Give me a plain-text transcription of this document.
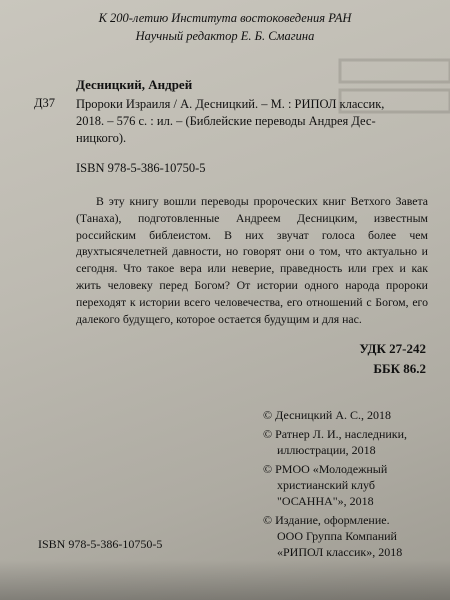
К 200-летию Института востоковедения РАН
Научный редактор Е. Б. Смагина
Десницкий, Андрей
Д37 Пророки Израиля / А. Десницкий. – М. : РИПОЛ классик,
2018. – 576 с. : ил. – (Библейские переводы Андрея Дес-
ницкого).
ISBN 978-5-386-10750-5
В эту книгу вошли переводы пророческих книг Ветхого Завета (Танаха), подготовленные Андреем Десницким, известным российским библеистом. В них звучат голоса более чем двухтысячелетней давности, но говорят они о том, что актуально и сегодня. Что такое вера или неверие, праведность или грех и как жить человеку перед Богом? От истории одного народа пророки переходят к истории всего человечества, его отношений с Богом, его далекого будущего, которое остается будущим и для нас.
УДК 27-242
ББК 86.2
© Десницкий А. С., 2018
© Ратнер Л. И., наследники,
иллюстрации, 2018
© РМОО «Молодежный
христианский клуб
"ОСАННА"», 2018
© Издание, оформление.
ООО Группа Компаний
«РИПОЛ классик», 2018
ISBN 978-5-386-10750-5
